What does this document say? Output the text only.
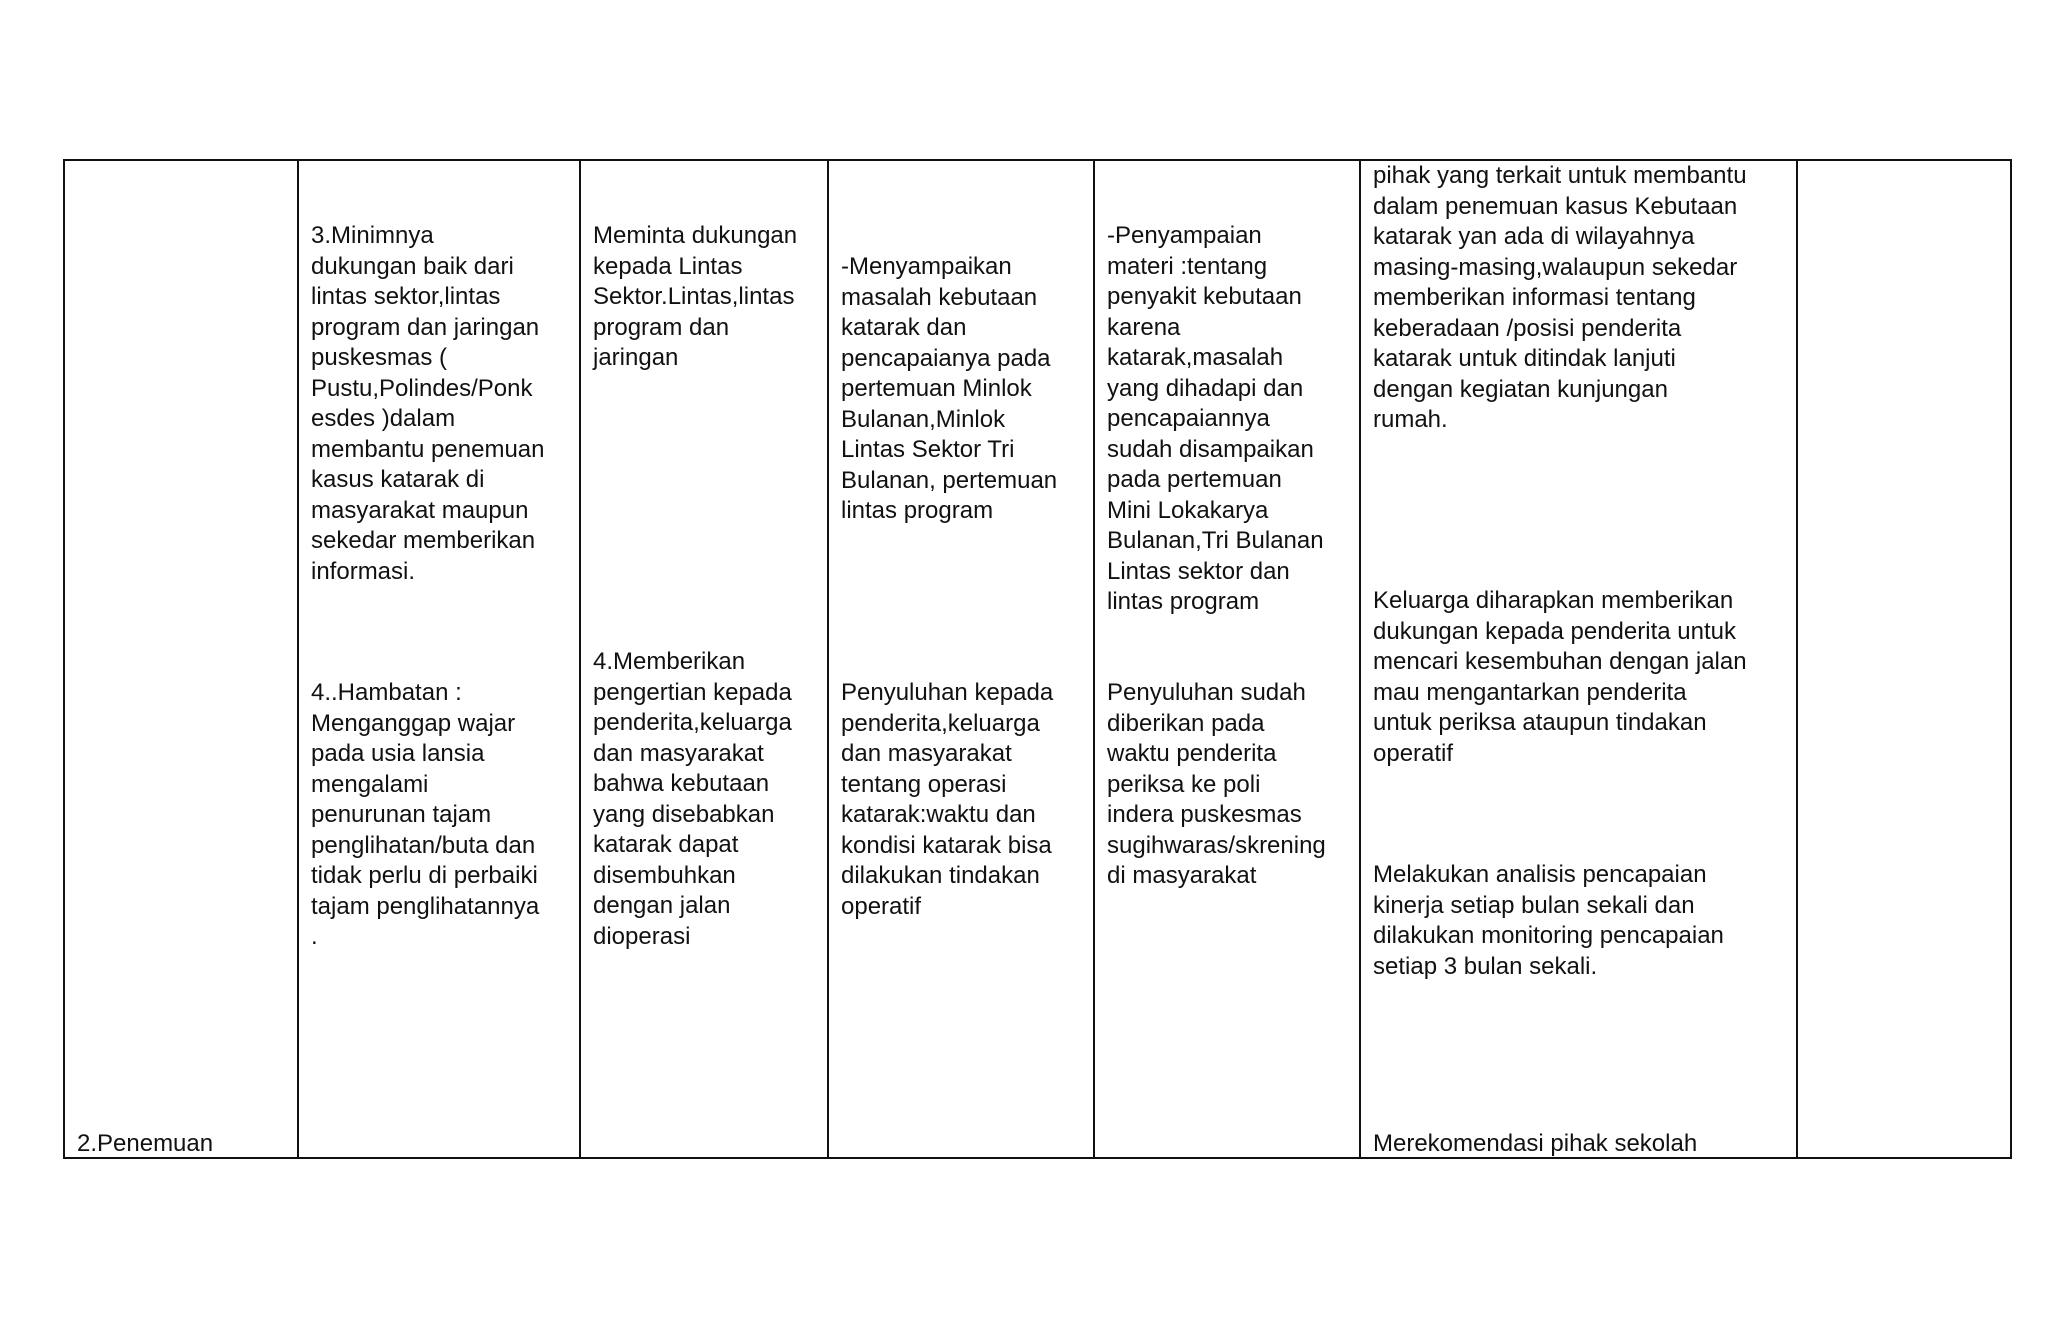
2.Penemuan

3.Minimnya
dukungan baik dari
lintas sektor,lintas
program dan jaringan
puskesmas (
Pustu,Polindes/Ponk
esdes )dalam
membantu penemuan
kasus katarak di
masyarakat maupun
sekedar memberikan
informasi.

4..Hambatan :
Menganggap wajar
pada usia lansia
mengalami
penurunan tajam
penglihatan/buta dan
tidak perlu di perbaiki
tajam penglihatannya
.

Meminta dukungan
kepada Lintas
Sektor.Lintas,lintas
program dan
jaringan

4.Memberikan
pengertian kepada
penderita,keluarga
dan masyarakat
bahwa kebutaan
yang disebabkan
katarak dapat
disembuhkan
dengan jalan
dioperasi

-Menyampaikan
masalah kebutaan
katarak dan
pencapaianya pada
pertemuan Minlok
Bulanan,Minlok
Lintas Sektor Tri
Bulanan, pertemuan
lintas program

Penyuluhan kepada
penderita,keluarga
dan masyarakat
tentang operasi
katarak:waktu dan
kondisi katarak bisa
dilakukan tindakan
operatif

-Penyampaian
materi :tentang
penyakit kebutaan
karena
katarak,masalah
yang dihadapi dan
pencapaiannya
sudah disampaikan
pada pertemuan
Mini Lokakarya
Bulanan,Tri Bulanan
Lintas sektor dan
lintas program

Penyuluhan sudah
diberikan pada
waktu penderita
periksa ke poli
indera puskesmas
sugihwaras/skrening
di masyarakat

pihak yang terkait untuk membantu
dalam penemuan kasus Kebutaan
katarak yan ada di wilayahnya
masing-masing,walaupun sekedar
memberikan informasi tentang
keberadaan /posisi penderita
katarak untuk ditindak lanjuti
dengan kegiatan kunjungan
rumah.

Keluarga diharapkan memberikan
dukungan kepada penderita untuk
mencari kesembuhan dengan jalan
mau mengantarkan penderita
untuk periksa ataupun tindakan
operatif

Melakukan analisis pencapaian
kinerja setiap bulan sekali dan
dilakukan monitoring pencapaian
setiap 3 bulan sekali.

Merekomendasi pihak sekolah
